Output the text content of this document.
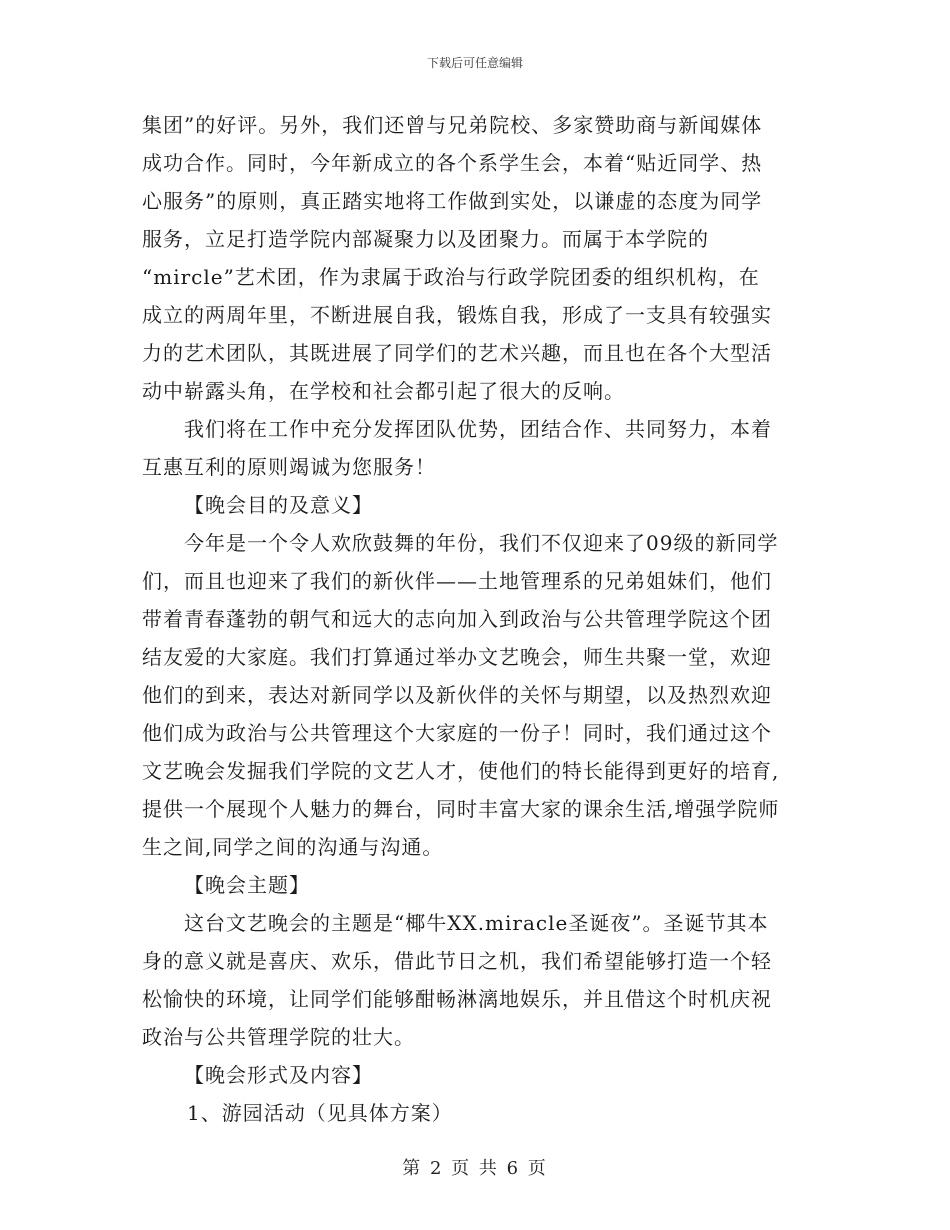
下载后可任意编辑
集团”的好评。另外，我们还曾与兄弟院校、多家赞助商与新闻媒体
成功合作。同时，今年新成立的各个系学生会，本着“贴近同学、热
心服务”的原则，真正踏实地将工作做到实处，以谦虚的态度为同学
服务，立足打造学院内部凝聚力以及团聚力。而属于本学院的
“mircle”艺术团，作为隶属于政治与行政学院团委的组织机构，在
成立的两周年里，不断进展自我，锻炼自我，形成了一支具有较强实
力的艺术团队，其既进展了同学们的艺术兴趣，而且也在各个大型活
动中崭露头角，在学校和社会都引起了很大的反响。
我们将在工作中充分发挥团队优势，团结合作、共同努力，本着
互惠互利的原则竭诚为您服务！
【晚会目的及意义】
今年是一个令人欢欣鼓舞的年份，我们不仅迎来了09级的新同学
们，而且也迎来了我们的新伙伴——土地管理系的兄弟姐妹们，他们
带着青春蓬勃的朝气和远大的志向加入到政治与公共管理学院这个团
结友爱的大家庭。我们打算通过举办文艺晚会，师生共聚一堂，欢迎
他们的到来，表达对新同学以及新伙伴的关怀与期望，以及热烈欢迎
他们成为政治与公共管理这个大家庭的一份子！同时，我们通过这个
文艺晚会发掘我们学院的文艺人才，使他们的特长能得到更好的培育,
提供一个展现个人魅力的舞台，同时丰富大家的课余生活,增强学院师
生之间,同学之间的沟通与沟通。
【晚会主题】
这台文艺晚会的主题是“椰牛XX.miracle圣诞夜”。圣诞节其本
身的意义就是喜庆、欢乐，借此节日之机，我们希望能够打造一个轻
松愉快的环境，让同学们能够酣畅淋漓地娱乐，并且借这个时机庆祝
政治与公共管理学院的壮大。
【晚会形式及内容】
1、游园活动（见具体方案）
第 2 页 共 6 页
